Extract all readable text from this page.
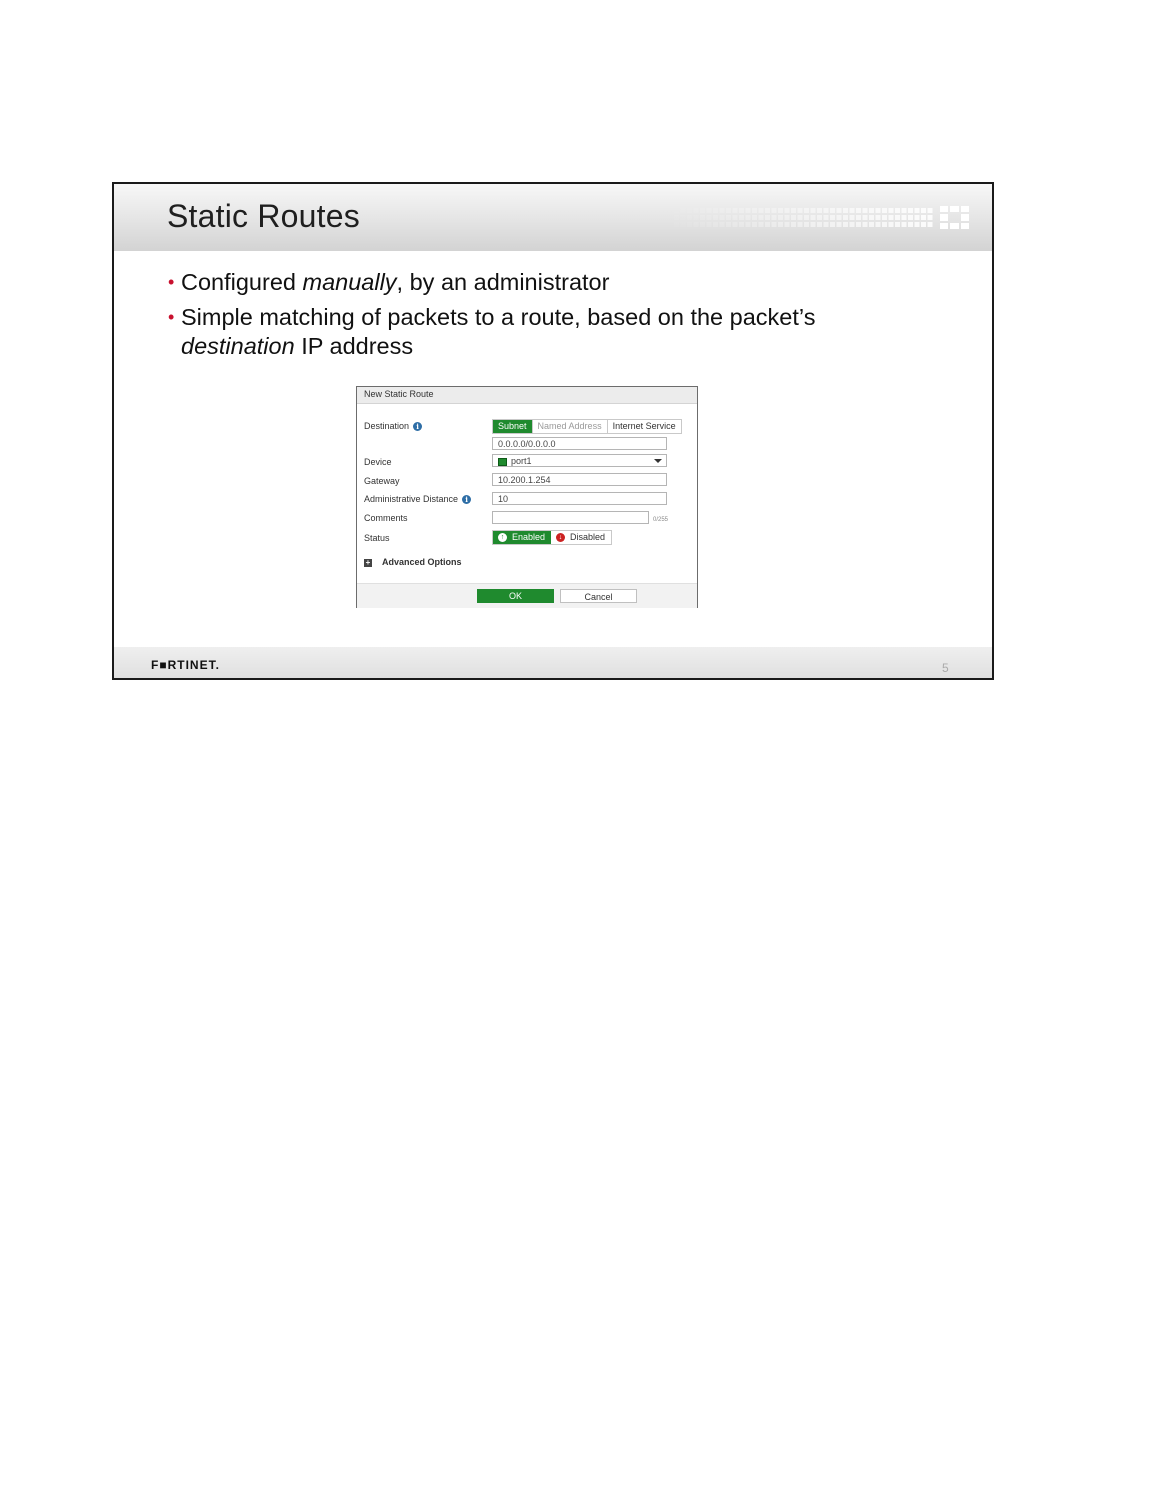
Static Routes
• Configured manually, by an administrator
• Simple matching of packets to a route, based on the packet’s
destination IP address
New Static Route
Destination i	Subnet	Named Address	Internet Service
0.0.0.0/0.0.0.0
Device	port1
Gateway	10.200.1.254
Administrative Distance i	10
Comments	0/255
Status	↑ Enabled	↓ Disabled
+ Advanced Options
OK	Cancel
F■RTINET.	5
